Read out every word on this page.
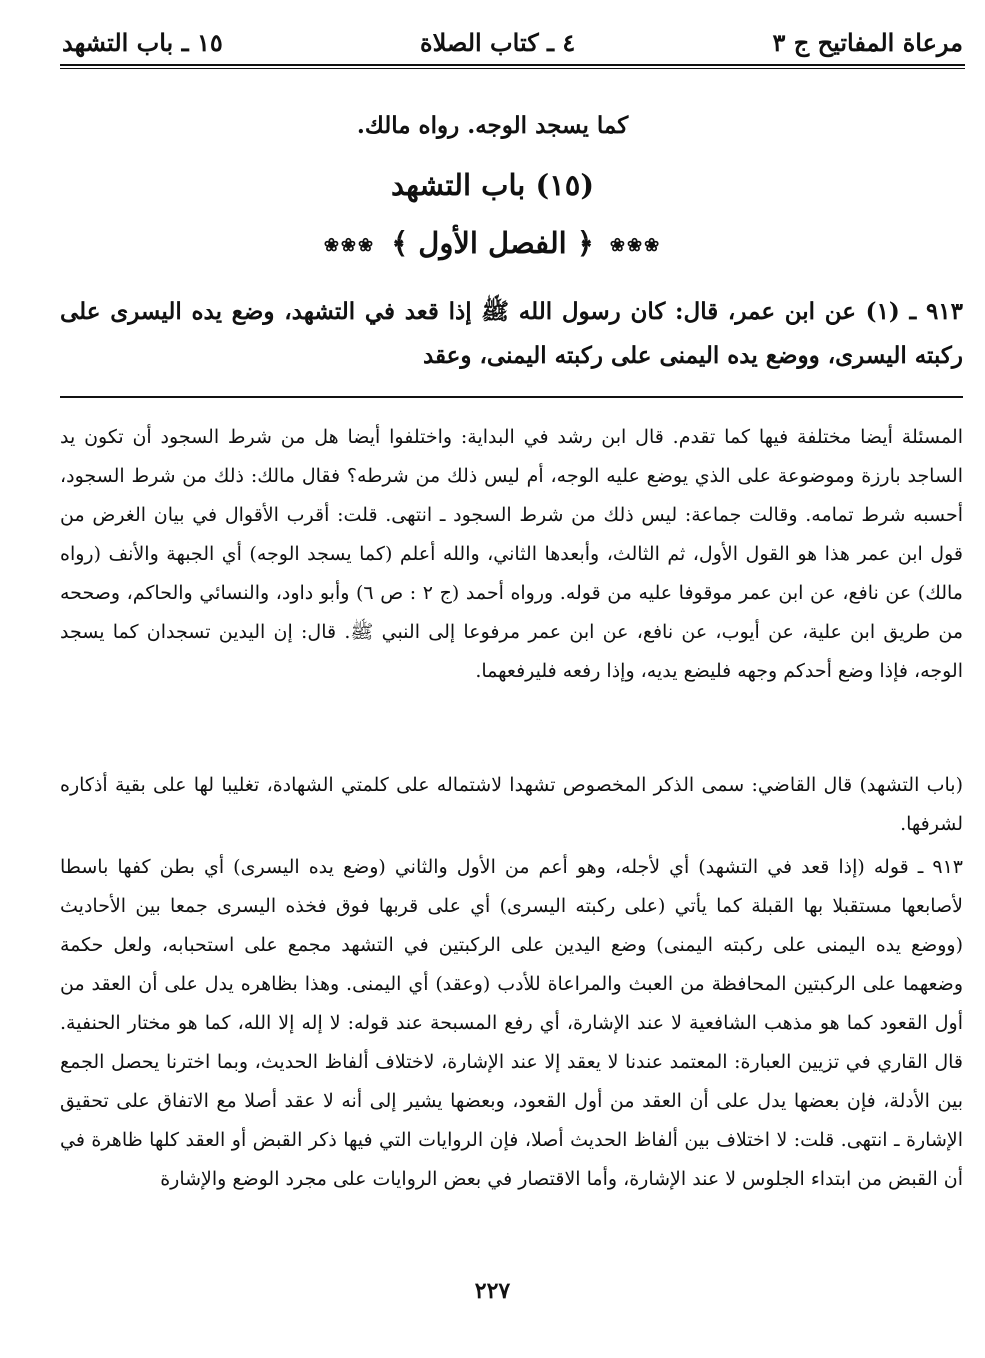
مرعاة المفاتيح ج ٣
٤ ـ كتاب الصلاة
١٥ ـ باب التشهد
كما يسجد الوجه. رواه مالك.
(١٥) باب التشهد
❀❀❀ ﴿ الفصل الأول ﴾ ❀❀❀
٩١٣ ـ (١) عن ابن عمر، قال: كان رسول الله ﷺ إذا قعد في التشهد، وضع يده اليسرى على ركبته اليسرى، ووضع يده اليمنى على ركبته اليمنى، وعقد
المسئلة أيضا مختلفة فيها كما تقدم. قال ابن رشد في البداية: واختلفوا أيضا هل من شرط السجود أن تكون يد الساجد بارزة وموضوعة على الذي يوضع عليه الوجه، أم ليس ذلك من شرطه؟ فقال مالك: ذلك من شرط السجود، أحسبه شرط تمامه. وقالت جماعة: ليس ذلك من شرط السجود ـ انتهى. قلت: أقرب الأقوال في بيان الغرض من قول ابن عمر هذا هو القول الأول، ثم الثالث، وأبعدها الثاني، والله أعلم (كما يسجد الوجه) أي الجبهة والأنف (رواه مالك) عن نافع، عن ابن عمر موقوفا عليه من قوله. ورواه أحمد (ج ٢ : ص ٦) وأبو داود، والنسائي والحاكم، وصححه من طريق ابن علية، عن أيوب، عن نافع، عن ابن عمر مرفوعا إلى النبي ﷺ. قال: إن اليدين تسجدان كما يسجد الوجه، فإذا وضع أحدكم وجهه فليضع يديه، وإذا رفعه فليرفعهما.
(باب التشهد) قال القاضي: سمى الذكر المخصوص تشهدا لاشتماله على كلمتي الشهادة، تغليبا لها على بقية أذكاره لشرفها.
٩١٣ ـ قوله (إذا قعد في التشهد) أي لأجله، وهو أعم من الأول والثاني (وضع يده اليسرى) أي بطن كفها باسطا لأصابعها مستقبلا بها القبلة كما يأتي (على ركبته اليسرى) أي على قربها فوق فخذه اليسرى جمعا بين الأحاديث (ووضع يده اليمنى على ركبته اليمنى) وضع اليدين على الركبتين في التشهد مجمع على استحبابه، ولعل حكمة وضعهما على الركبتين المحافظة من العبث والمراعاة للأدب (وعقد) أي اليمنى. وهذا بظاهره يدل على أن العقد من أول القعود كما هو مذهب الشافعية لا عند الإشارة، أي رفع المسبحة عند قوله: لا إله إلا الله، كما هو مختار الحنفية. قال القاري في تزيين العبارة: المعتمد عندنا لا يعقد إلا عند الإشارة، لاختلاف ألفاظ الحديث، وبما اخترنا يحصل الجمع بين الأدلة، فإن بعضها يدل على أن العقد من أول القعود، وبعضها يشير إلى أنه لا عقد أصلا مع الاتفاق على تحقيق الإشارة ـ انتهى. قلت: لا اختلاف بين ألفاظ الحديث أصلا، فإن الروايات التي فيها ذكر القبض أو العقد كلها ظاهرة في أن القبض من ابتداء الجلوس لا عند الإشارة، وأما الاقتصار في بعض الروايات على مجرد الوضع والإشارة
٢٢٧
